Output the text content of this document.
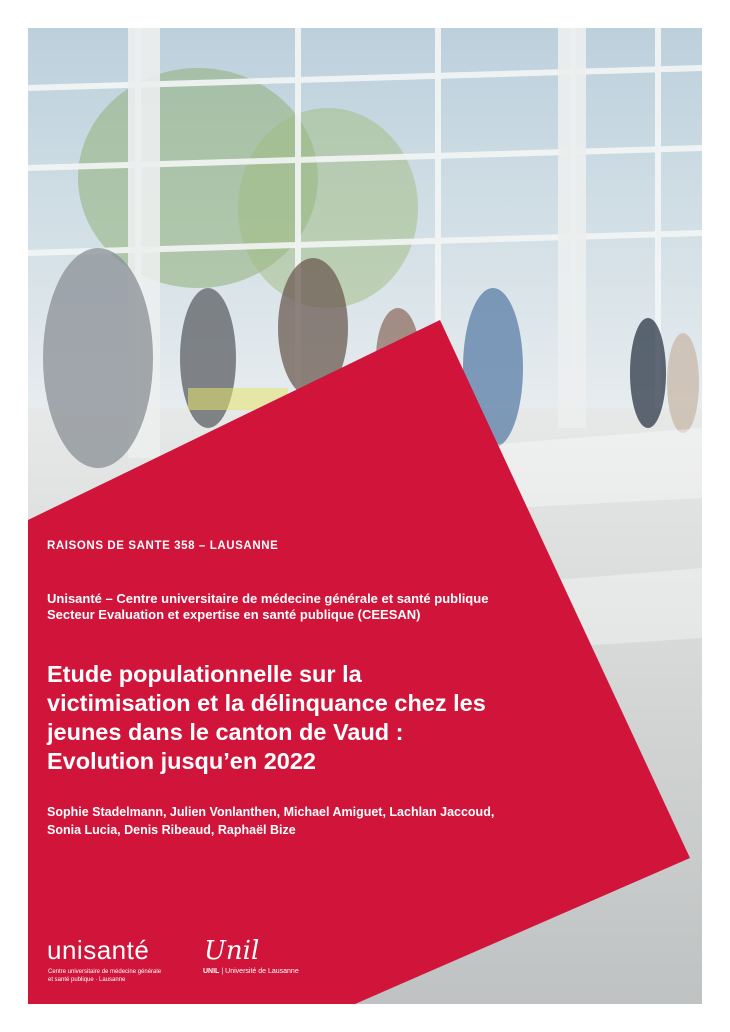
RAISONS DE SANTE 358 – LAUSANNE
Unisanté – Centre universitaire de médecine générale et santé publique
Secteur Evaluation et expertise en santé publique (CEESAN)
Etude populationnelle sur la
victimisation et la délinquance chez les
jeunes dans le canton de Vaud :
Evolution jusqu’en 2022
Sophie Stadelmann, Julien Vonlanthen, Michael Amiguet, Lachlan Jaccoud,
Sonia Lucia, Denis Ribeaud, Raphaël Bize
unisanté
Centre universitaire de médecine générale
et santé publique · Lausanne
Unil
UNIL | Université de Lausanne
